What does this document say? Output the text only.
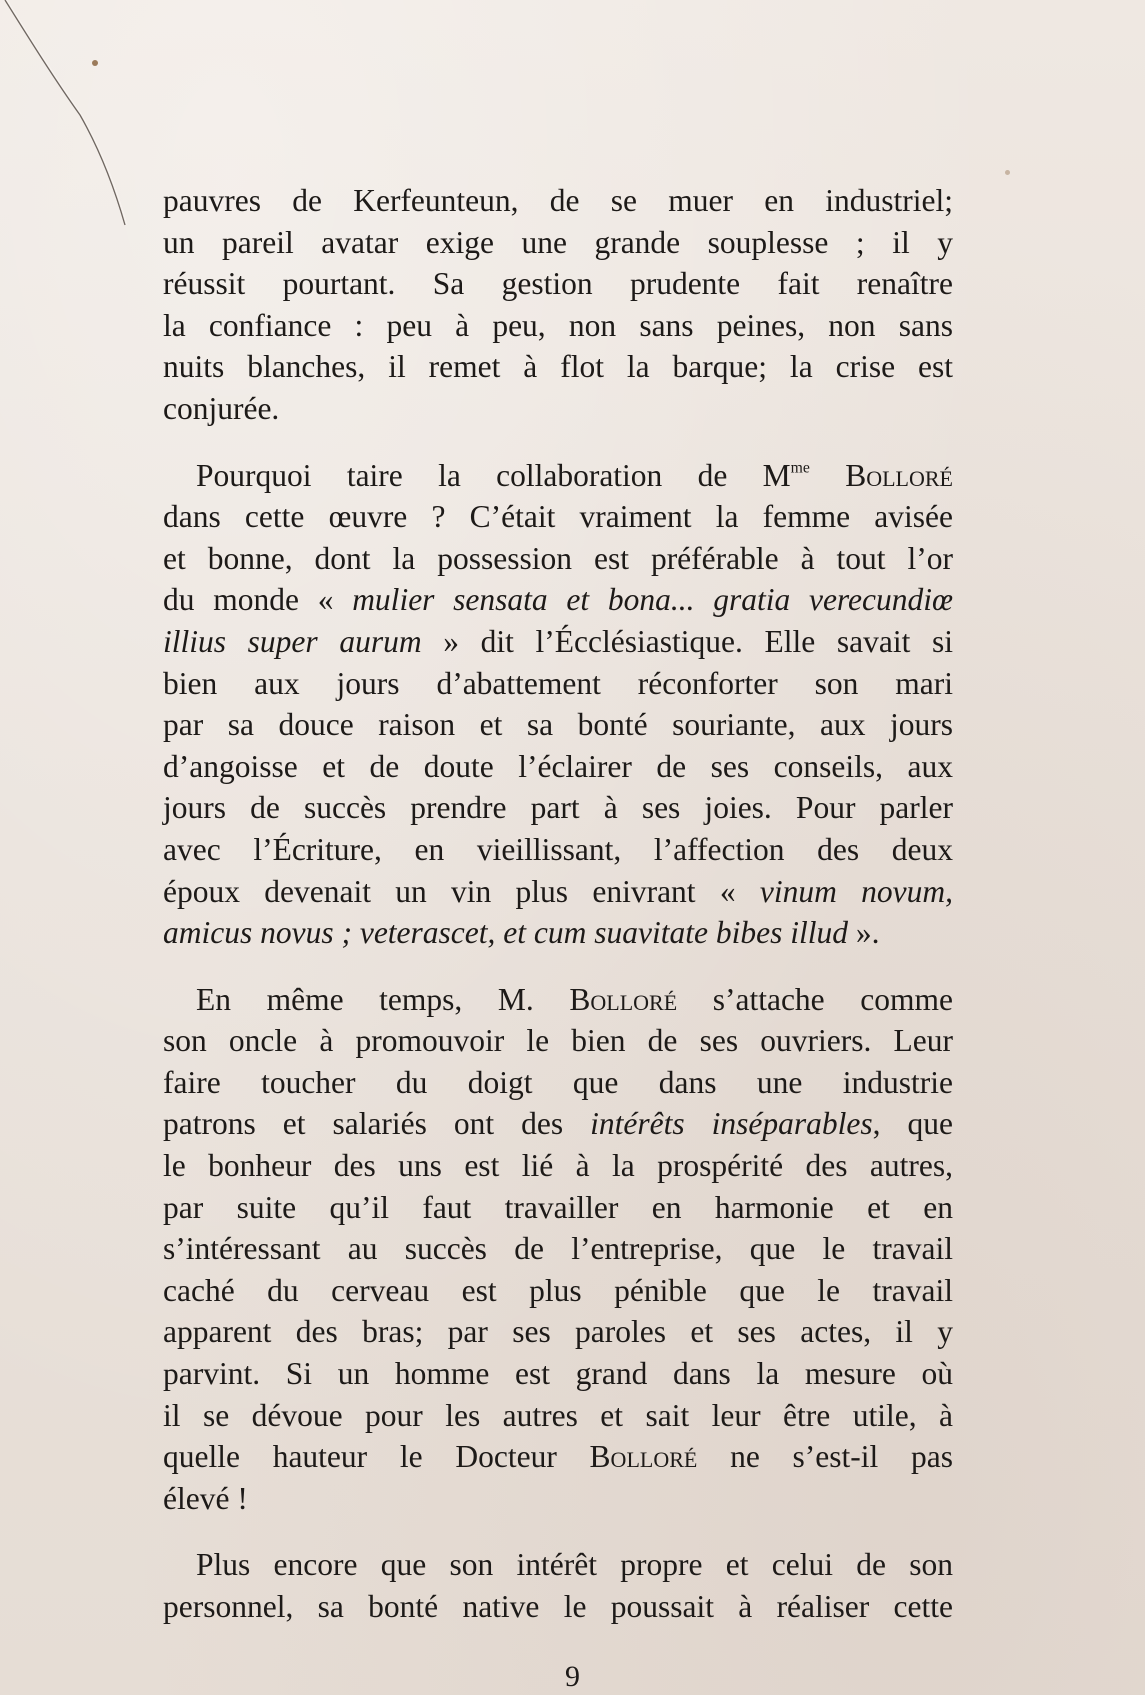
pauvres de Kerfeunteun, de se muer en industriel;
un pareil avatar exige une grande souplesse ; il y
réussit pourtant. Sa gestion prudente fait renaître
la confiance : peu à peu, non sans peines, non sans
nuits blanches, il remet à flot la barque; la crise est
conjurée.

Pourquoi taire la collaboration de $M^{me}$ Bolloré
dans cette œuvre ? C’était vraiment la femme avisée
et bonne, dont la possession est préférable à tout l’or
du monde « mulier sensata et bona... gratia verecundiœ
illius super aurum » dit l’Écclésiastique. Elle savait si
bien aux jours d’abattement réconforter son mari
par sa douce raison et sa bonté souriante, aux jours
d’angoisse et de doute l’éclairer de ses conseils, aux
jours de succès prendre part à ses joies. Pour parler
avec l’Écriture, en vieillissant, l’affection des deux
époux devenait un vin plus enivrant « vinum novum,
amicus novus ; veterascet, et cum suavitate bibes illud ».

En même temps, M. Bolloré s’attache comme
son oncle à promouvoir le bien de ses ouvriers. Leur
faire toucher du doigt que dans une industrie
patrons et salariés ont des intérêts inséparables, que
le bonheur des uns est lié à la prospérité des autres,
par suite qu’il faut travailler en harmonie et en
s’intéressant au succès de l’entreprise, que le travail
caché du cerveau est plus pénible que le travail
apparent des bras; par ses paroles et ses actes, il y
parvint. Si un homme est grand dans la mesure où
il se dévoue pour les autres et sait leur être utile, à
quelle hauteur le Docteur Bolloré ne s’est-il pas
élevé !

Plus encore que son intérêt propre et celui de son
personnel, sa bonté native le poussait à réaliser cette

9
